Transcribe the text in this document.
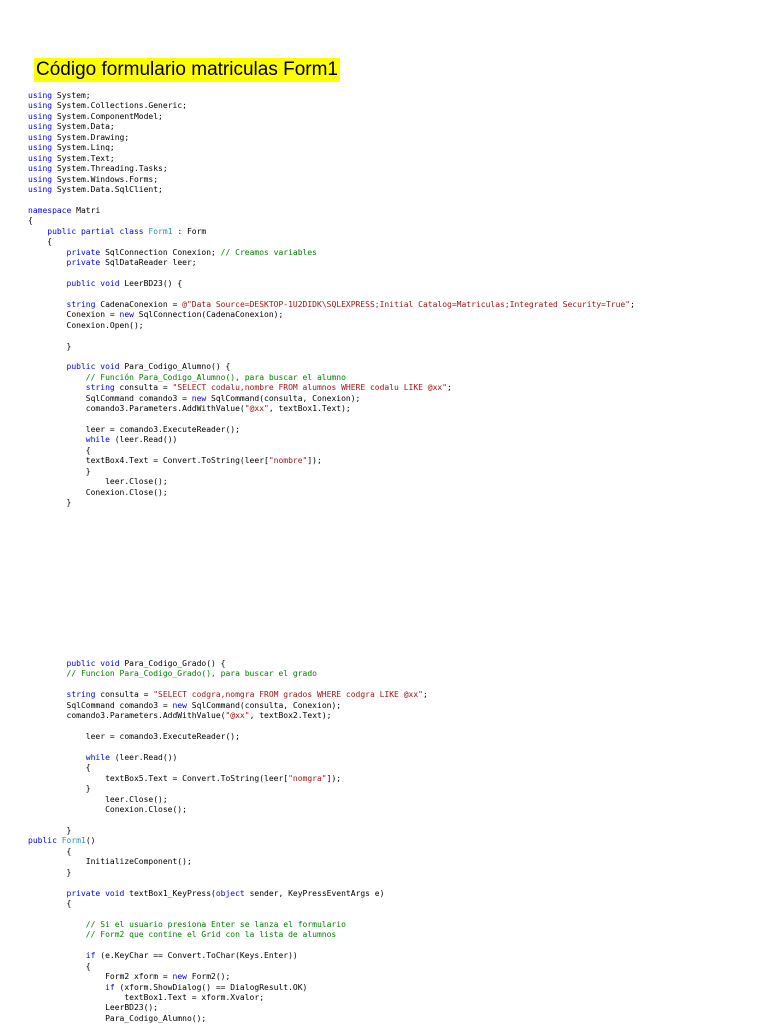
Código formulario matriculas Form1
using System;
using System.Collections.Generic;
using System.ComponentModel;
using System.Data;
using System.Drawing;
using System.Linq;
using System.Text;
using System.Threading.Tasks;
using System.Windows.Forms;
using System.Data.SqlClient;

namespace Matri
{
public partial class Form1 : Form
{
private SqlConnection Conexion; // Creamos variables
private SqlDataReader leer;

public void LeerBD23() {

string CadenaConexion = @"Data Source=DESKTOP-1U2DIDK\SQLEXPRESS;Initial Catalog=Matriculas;Integrated Security=True";
Conexion = new SqlConnection(CadenaConexion);
Conexion.Open();

}

public void Para_Codigo_Alumno() {
// Función Para_Codigo_Alumno(), para buscar el alumno
string consulta = "SELECT codalu,nombre FROM alumnos WHERE codalu LIKE @xx";
SqlCommand comando3 = new SqlCommand(consulta, Conexion);
comando3.Parameters.AddWithValue("@xx", textBox1.Text);

leer = comando3.ExecuteReader();
while (leer.Read())
{
textBox4.Text = Convert.ToString(leer["nombre"]);
}
leer.Close();
Conexion.Close();
}
public void Para_Codigo_Grado() {
// Funcion Para_Codigo_Grado(), para buscar el grado

string consulta = "SELECT codgra,nomgra FROM grados WHERE codgra LIKE @xx";
SqlCommand comando3 = new SqlCommand(consulta, Conexion);
comando3.Parameters.AddWithValue("@xx", textBox2.Text);

leer = comando3.ExecuteReader();

while (leer.Read())
{
textBox5.Text = Convert.ToString(leer["nomgra"]);
}
leer.Close();
Conexion.Close();

}
public Form1()
{
InitializeComponent();
}

private void textBox1_KeyPress(object sender, KeyPressEventArgs e)
{

// Si el usuario presiona Enter se lanza el formulario
// Form2 que contine el Grid con la lista de alumnos

if (e.KeyChar == Convert.ToChar(Keys.Enter))
{
Form2 xform = new Form2();
if (xform.ShowDialog() == DialogResult.OK)
textBox1.Text = xform.Xvalor;
LeerBD23();
Para_Codigo_Alumno();
